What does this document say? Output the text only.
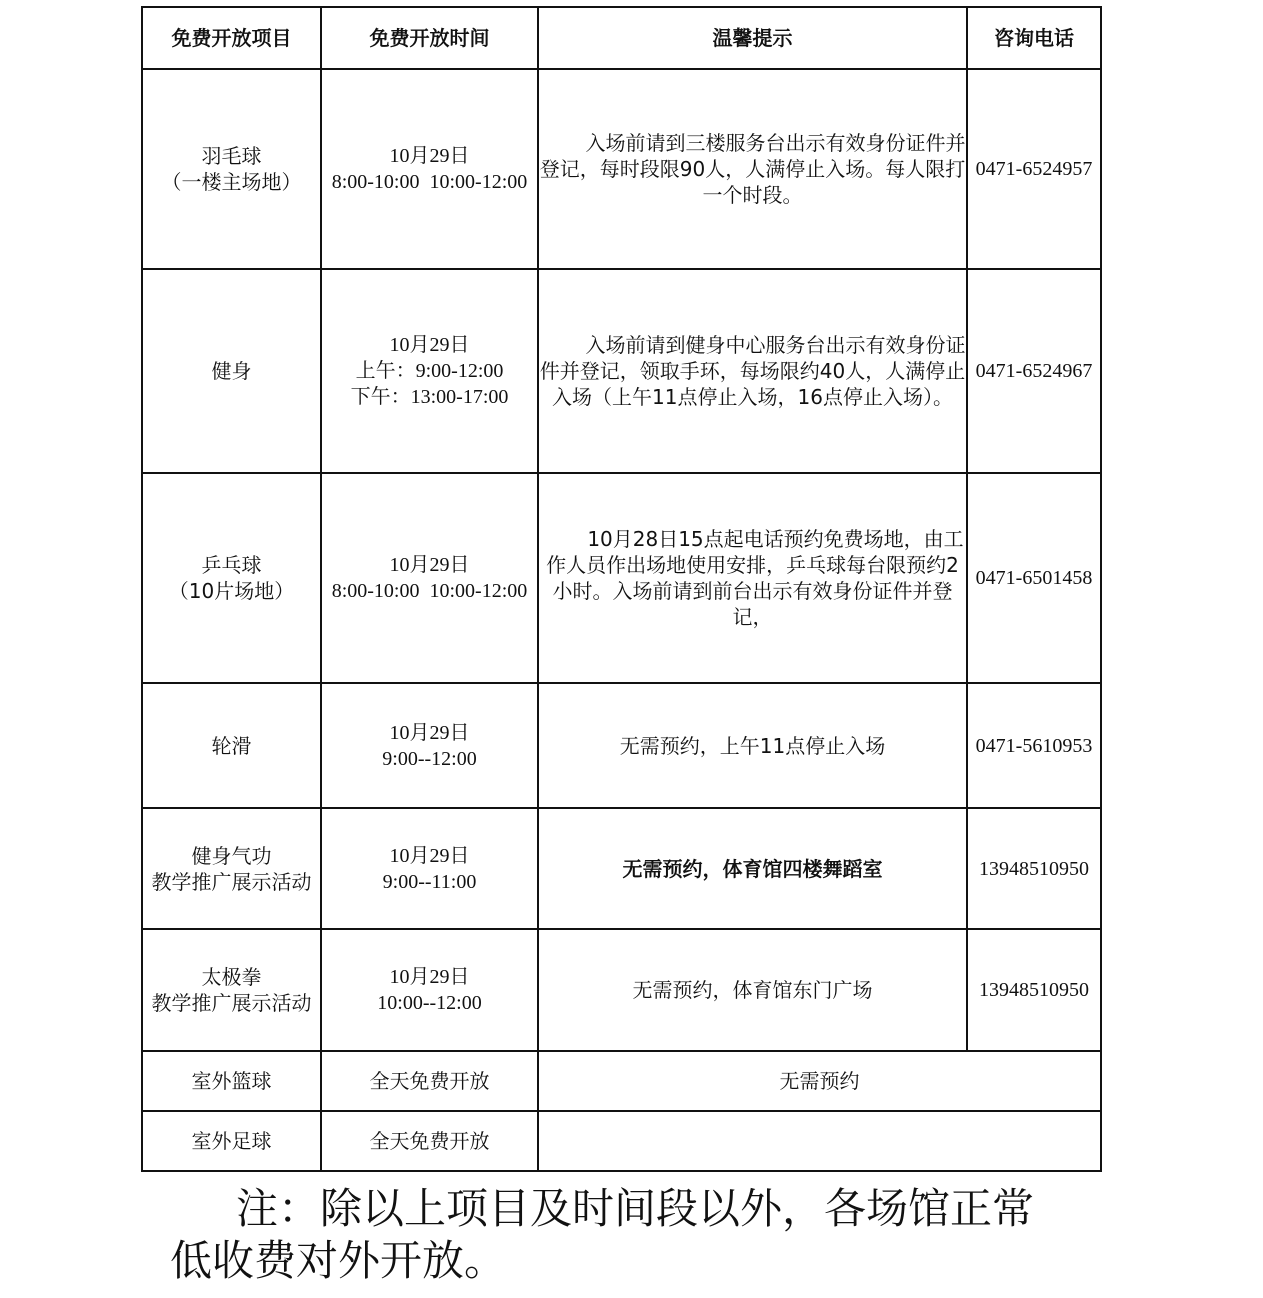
免费开放项目	免费开放时间	温馨提示	咨询电话

羽毛球
（一楼主场地）	10月29日
8:00-10:00  10:00-12:00	入场前请到三楼服务台出示有效身份证件并登记，每时段限90人，人满停止入场。每人限打一个时段。	0471-6524957

健身	10月29日
上午：9:00-12:00
下午：13:00-17:00	入场前请到健身中心服务台出示有效身份证件并登记，领取手环，每场限约40人，人满停止入场（上午11点停止入场，16点停止入场）。	0471-6524967

乒乓球
（10片场地）	10月29日
8:00-10:00  10:00-12:00	10月28日15点起电话预约免费场地，由工作人员作出场地使用安排，乒乓球每台限预约2小时。入场前请到前台出示有效身份证件并登记，	0471-6501458

轮滑	10月29日
9:00--12:00	无需预约，上午11点停止入场	0471-5610953

健身气功
教学推广展示活动	10月29日
9:00--11:00	无需预约，体育馆四楼舞蹈室	13948510950

太极拳
教学推广展示活动	10月29日
10:00--12:00	无需预约，体育馆东门广场	13948510950
室外篮球	全天免费开放	无需预约	
室外足球	全天免费开放		
注：除以上项目及时间段以外，各场馆正常
低收费对外开放。
